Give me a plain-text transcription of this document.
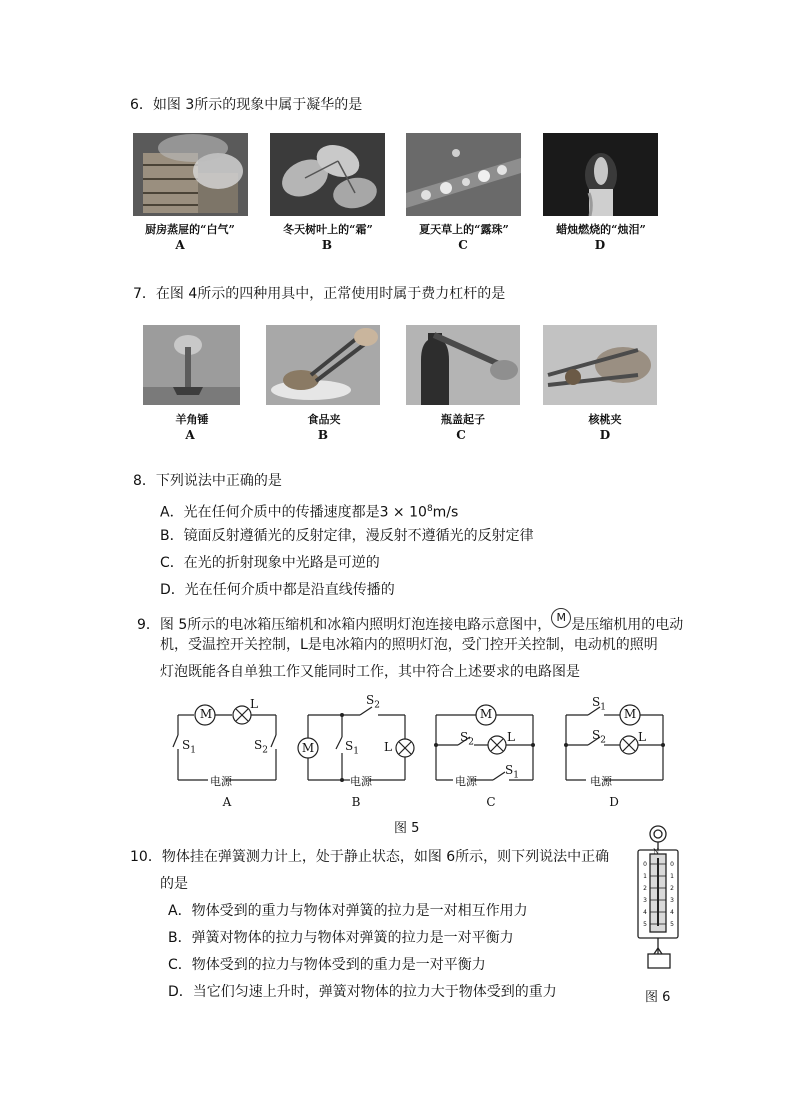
6．如图 3所示的现象中属于凝华的是
厨房蒸屉的“白气”	冬天树叶上的“霜”	夏天草上的“露珠”	蜡烛燃烧的“烛泪”
A	B	C	D
7．在图 4所示的四种用具中，正常使用时属于费力杠杆的是
羊角锤	食品夹	瓶盖起子	核桃夹
A	B	C	D
8．下列说法中正确的是
A．光在任何介质中的传播速度都是$3 \times 10^8m/s$
B．镜面反射遵循光的反射定律，漫反射不遵循光的反射定律
C．在光的折射现象中光路是可逆的
D．光在任何介质中都是沿直线传播的
9．图 5所示的电冰箱压缩机和冰箱内照明灯泡连接电路示意图中， M 是压缩机用的电动
机，受温控开关控制，L是电冰箱内的照明灯泡，受门控开关控制，电动机的照明
灯泡既能各自单独工作又能同时工作，其中符合上述要求的电路图是
M
L
$S_1$	$S_2$
电源
$S_2$
M	$S_1$ L
电源
M
$S_2$	L
电源
$S_1$
$S_1$ M
$S_2$	L
电源
A	B	C	D
图 5
10．物体挂在弹簧测力计上，处于静止状态，如图 6所示，则下列说法中正确
的是
A．物体受到的重力与物体对弹簧的拉力是一对相互作用力
B．弹簧对物体的拉力与物体对弹簧的拉力是一对平衡力
C．物体受到的拉力与物体受到的重力是一对平衡力
D．当它们匀速上升时，弹簧对物体的拉力大于物体受到的重力
N
0
1
2
3
4
5
0
1
2
3
4
5
图 6
